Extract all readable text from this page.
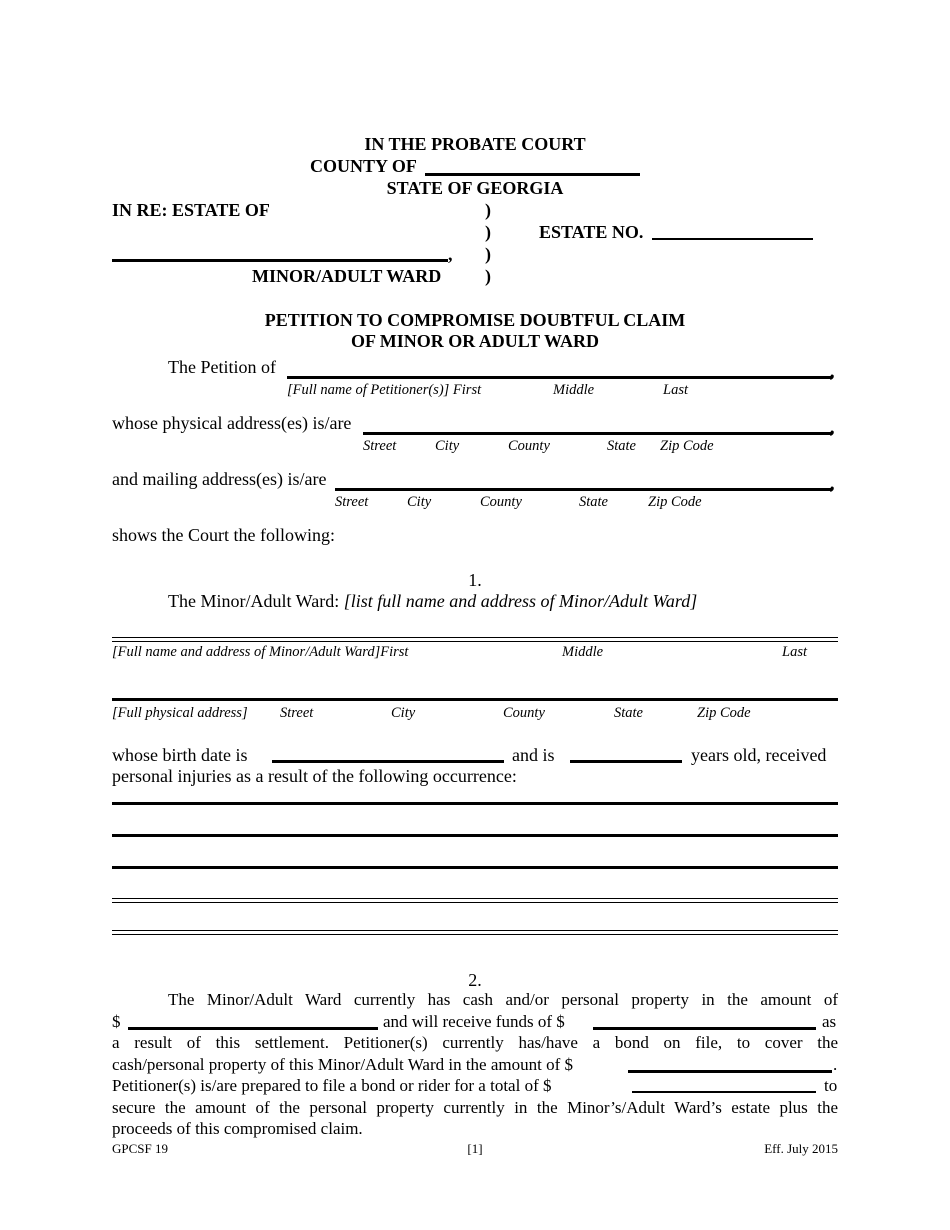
IN THE PROBATE COURT
COUNTY OF
STATE OF GEORGIA
IN RE: ESTATE OF	)
)
)
)
ESTATE NO.
,
MINOR/ADULT WARD
PETITION TO COMPROMISE DOUBTFUL CLAIM
OF MINOR OR ADULT WARD
The Petition of	,
[Full name of Petitioner(s)] First	Middle	Last
whose physical address(es) is/are	,
Street	City	County	State Zip Code
and mailing address(es) is/are	,
Street	City	County	State	Zip Code
shows the Court the following:
1.
The Minor/Adult Ward: [list full name and address of Minor/Adult Ward]
[Full name and address of Minor/Adult Ward]First	Middle	Last
[Full physical address] Street	City	County	State	Zip Code
whose birth date is	and is	years old, received
personal injuries as a result of the following occurrence:
2.
The Minor/Adult Ward currently has cash and/or personal property in the amount of
$	and will receive funds of $	as
a result of this settlement. Petitioner(s) currently has/have a bond on file, to cover the
cash/personal property of this Minor/Adult Ward in the amount of $	.
Petitioner(s) is/are prepared to file a bond or rider for a total of $	to
secure the amount of the personal property currently in the Minor’s/Adult Ward’s estate plus the
proceeds of this compromised claim.
GPCSF 19	[1]	Eff. July 2015
